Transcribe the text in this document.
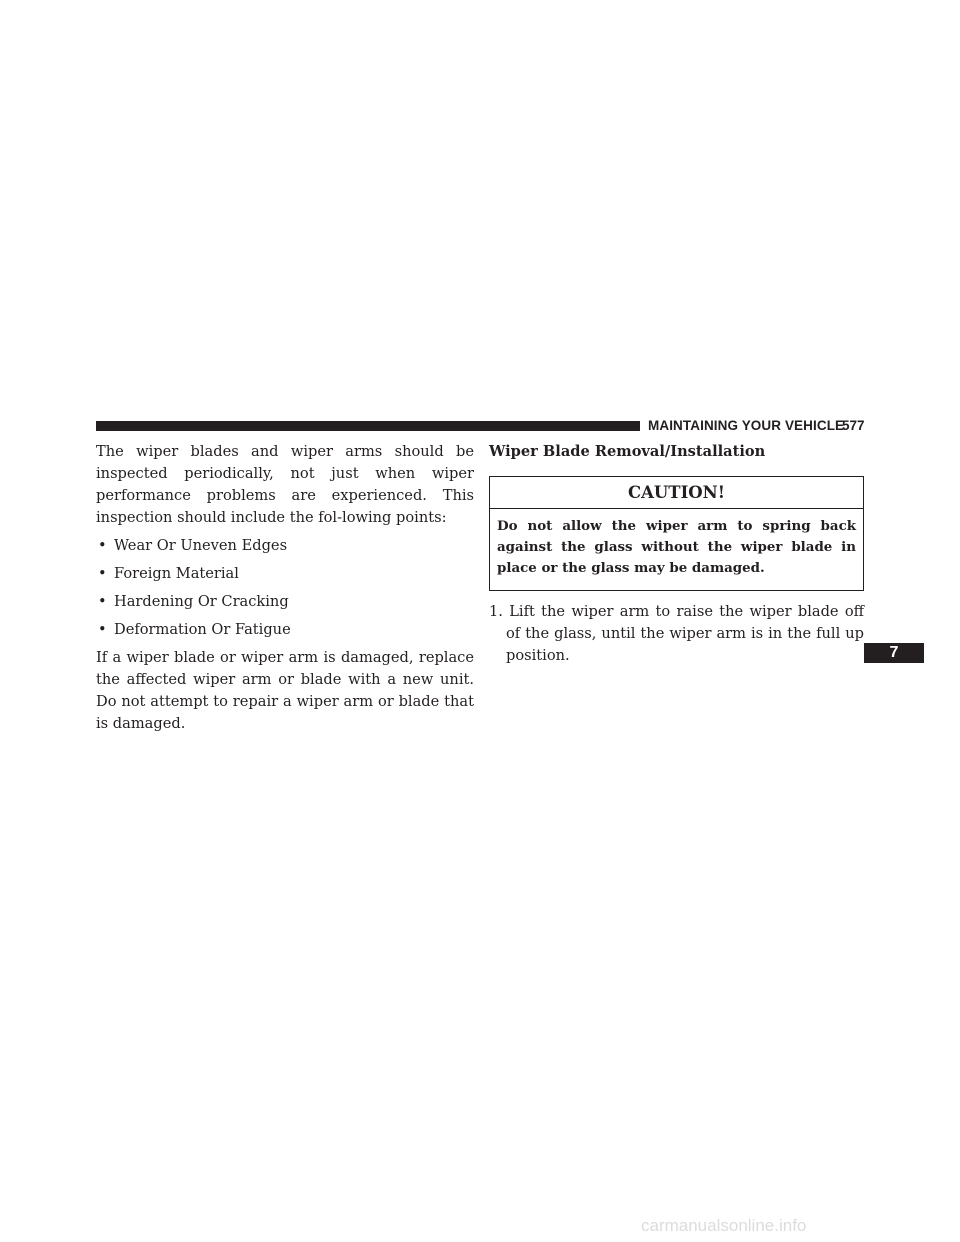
MAINTAINING YOUR VEHICLE
577

The wiper blades and wiper arms should be inspected periodically, not just when wiper performance problems are experienced. This inspection should include the fol-lowing points:

• Wear Or Uneven Edges
• Foreign Material
• Hardening Or Cracking
• Deformation Or Fatigue

If a wiper blade or wiper arm is damaged, replace the affected wiper arm or blade with a new unit. Do not attempt to repair a wiper arm or blade that is damaged.

Wiper Blade Removal/Installation

CAUTION!
Do not allow the wiper arm to spring back against the glass without the wiper blade in place or the glass may be damaged.

1. Lift the wiper arm to raise the wiper blade off of the glass, until the wiper arm is in the full up position.	7
carmanualsonline.info
